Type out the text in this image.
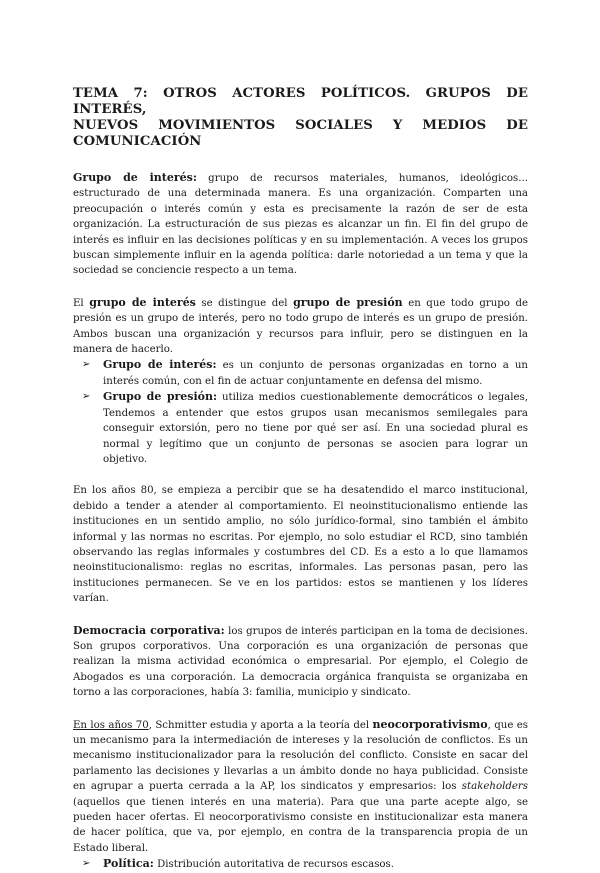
TEMA 7: OTROS ACTORES POLÍTICOS. GRUPOS DE INTERÉS,
NUEVOS MOVIMIENTOS SOCIALES Y MEDIOS DE COMUNICACIÓN

Grupo de interés: grupo de recursos materiales, humanos, ideológicos... estructurado de una determinada manera. Es una organización. Comparten una preocupación o interés común y esta es precisamente la razón de ser de esta organización. La estructuración de sus piezas es alcanzar un fin. El fin del grupo de interés es influir en las decisiones políticas y en su implementación. A veces los grupos buscan simplemente influir en la agenda política: darle notoriedad a un tema y que la sociedad se conciencie respecto a un tema.

El grupo de interés se distingue del grupo de presión en que todo grupo de presión es un grupo de interés, pero no todo grupo de interés es un grupo de presión. Ambos buscan una organización y recursos para influir, pero se distinguen en la manera de hacerlo.

➢ Grupo de interés: es un conjunto de personas organizadas en torno a un interés común, con el fin de actuar conjuntamente en defensa del mismo.
➢ Grupo de presión: utiliza medios cuestionablemente democráticos o legales, Tendemos a entender que estos grupos usan mecanismos semilegales para conseguir extorsión, pero no tiene por qué ser así. En una sociedad plural es normal y legítimo que un conjunto de personas se asocien para lograr un objetivo.

En los años 80, se empieza a percibir que se ha desatendido el marco institucional, debido a tender a atender al comportamiento. El neoinstitucionalismo entiende las instituciones en un sentido amplio, no sólo jurídico-formal, sino también el ámbito informal y las normas no escritas. Por ejemplo, no solo estudiar el RCD, sino también observando las reglas informales y costumbres del CD. Es a esto a lo que llamamos neoinstitucionalismo: reglas no escritas, informales. Las personas pasan, pero las instituciones permanecen. Se ve en los partidos: estos se mantienen y los líderes varían.

Democracia corporativa: los grupos de interés participan en la toma de decisiones. Son grupos corporativos. Una corporación es una organización de personas que realizan la misma actividad económica o empresarial. Por ejemplo, el Colegio de Abogados es una corporación. La democracia orgánica franquista se organizaba en torno a las corporaciones, había 3: familia, municipio y sindicato.

En los años 70, Schmitter estudia y aporta a la teoría del neocorporativismo, que es un mecanismo para la intermediación de intereses y la resolución de conflictos. Es un mecanismo institucionalizador para la resolución del conflicto. Consiste en sacar del parlamento las decisiones y llevarlas a un ámbito donde no haya publicidad. Consiste en agrupar a puerta cerrada a la AP, los sindicatos y empresarios: los stakeholders (aquellos que tienen interés en una materia). Para que una parte acepte algo, se pueden hacer ofertas. El neocorporativismo consiste en institucionalizar esta manera de hacer política, que va, por ejemplo, en contra de la transparencia propia de un Estado liberal.

➢ Política: Distribución autoritativa de recursos escasos.
